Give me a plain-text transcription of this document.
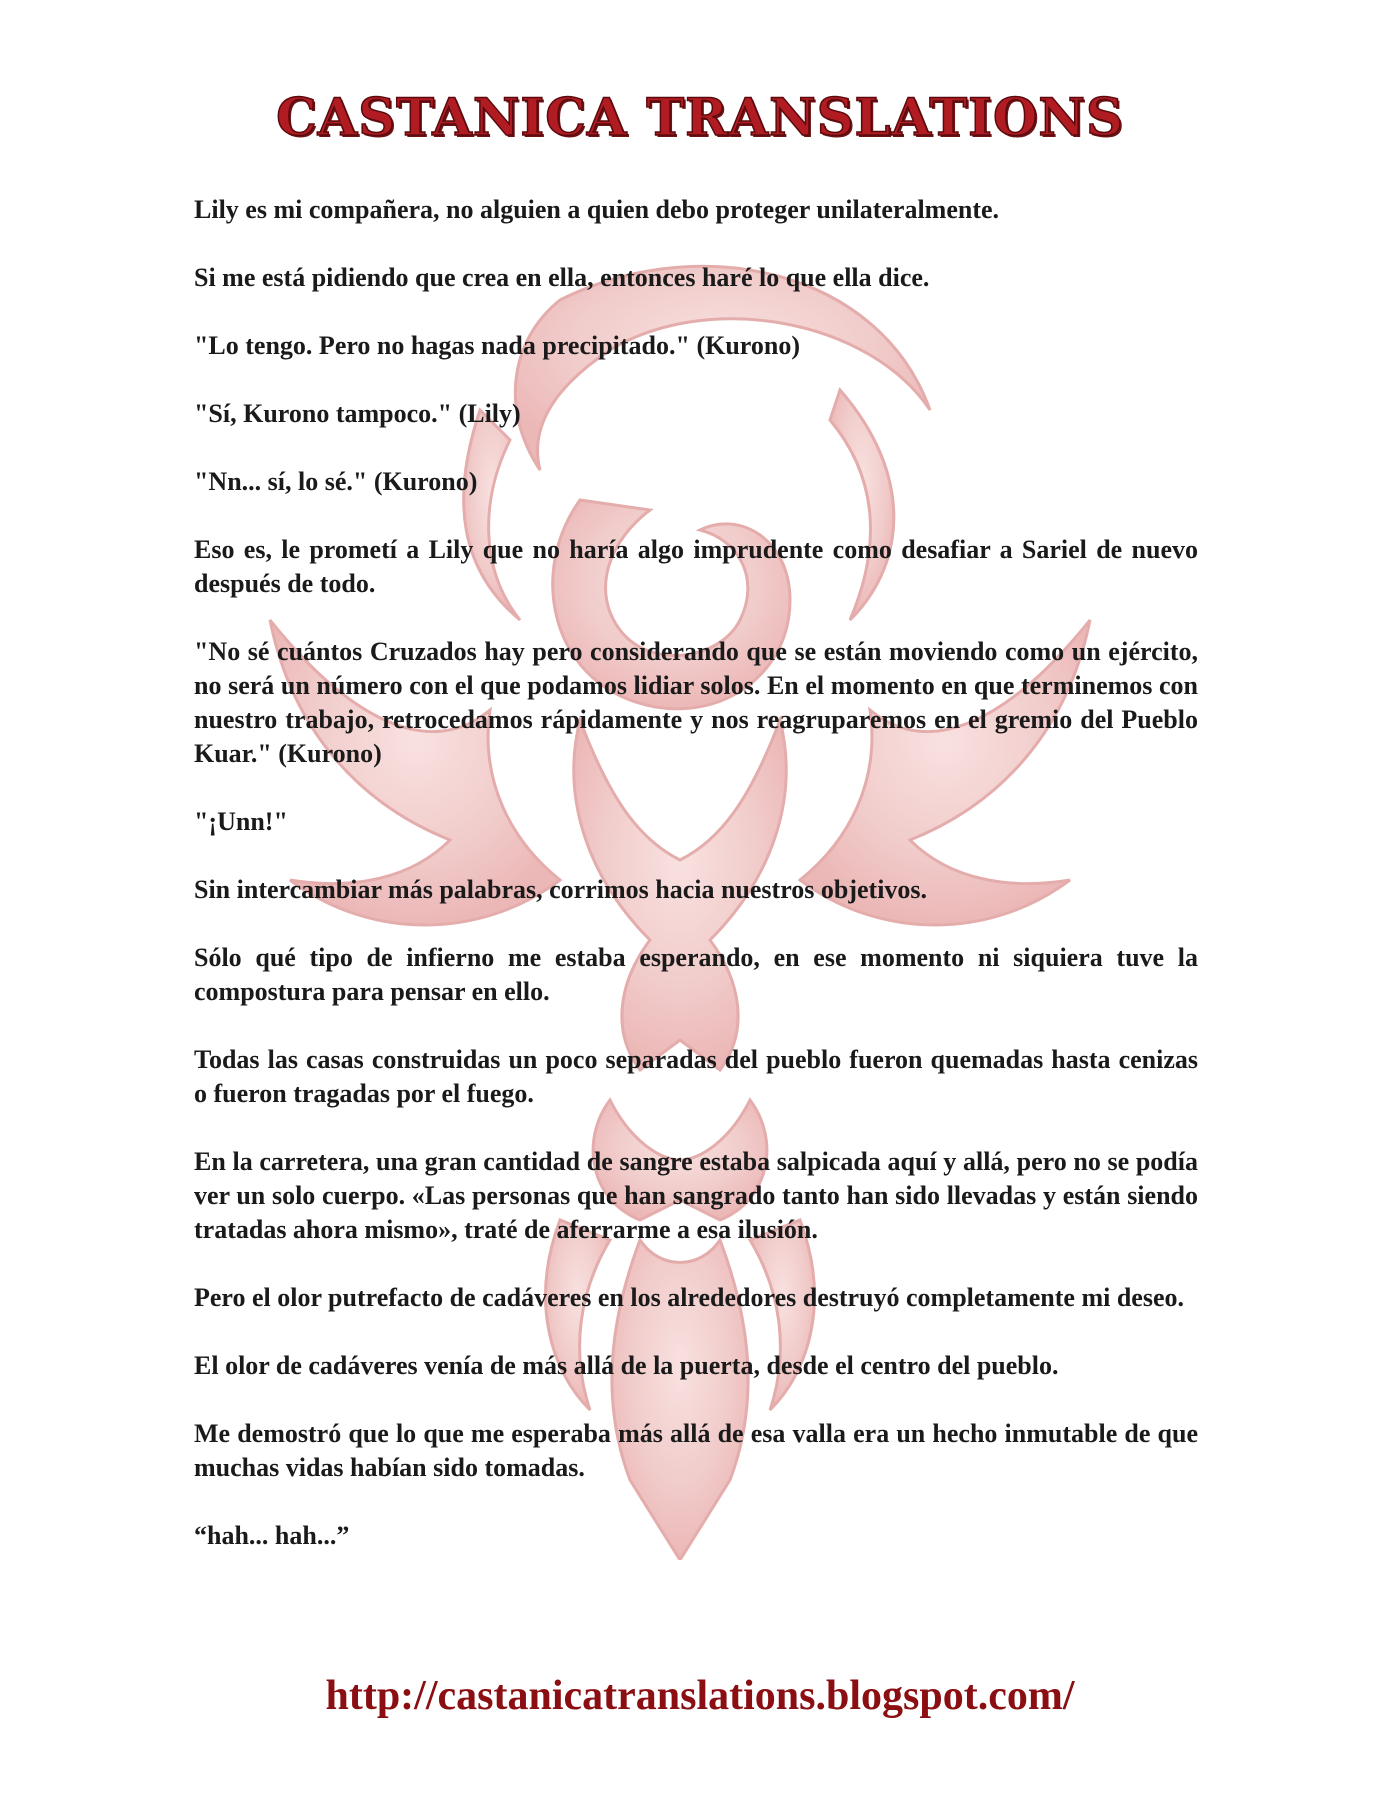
CASTANICA TRANSLATIONS

Lily es mi compañera, no alguien a quien debo proteger unilateralmente.

Si me está pidiendo que crea en ella, entonces haré lo que ella dice.

"Lo tengo. Pero no hagas nada precipitado." (Kurono)

"Sí, Kurono tampoco." (Lily)

"Nn... sí, lo sé." (Kurono)

Eso es, le prometí a Lily que no haría algo imprudente como desafiar a Sariel de nuevo después de todo.

"No sé cuántos Cruzados hay pero considerando que se están moviendo como un ejército, no será un número con el que podamos lidiar solos. En el momento en que terminemos con nuestro trabajo, retrocedamos rápidamente y nos reagruparemos en el gremio del Pueblo Kuar." (Kurono)

"¡Unn!"

Sin intercambiar más palabras, corrimos hacia nuestros objetivos.

Sólo qué tipo de infierno me estaba esperando, en ese momento ni siquiera tuve la compostura para pensar en ello.

Todas las casas construidas un poco separadas del pueblo fueron quemadas hasta cenizas o fueron tragadas por el fuego.

En la carretera, una gran cantidad de sangre estaba salpicada aquí y allá, pero no se podía ver un solo cuerpo. «Las personas que han sangrado tanto han sido llevadas y están siendo tratadas ahora mismo», traté de aferrarme a esa ilusión.

Pero el olor putrefacto de cadáveres en los alrededores destruyó completamente mi deseo.

El olor de cadáveres venía de más allá de la puerta, desde el centro del pueblo.

Me demostró que lo que me esperaba más allá de esa valla era un hecho inmutable de que muchas vidas habían sido tomadas.

“hah... hah...”

http://castanicatranslations.blogspot.com/
